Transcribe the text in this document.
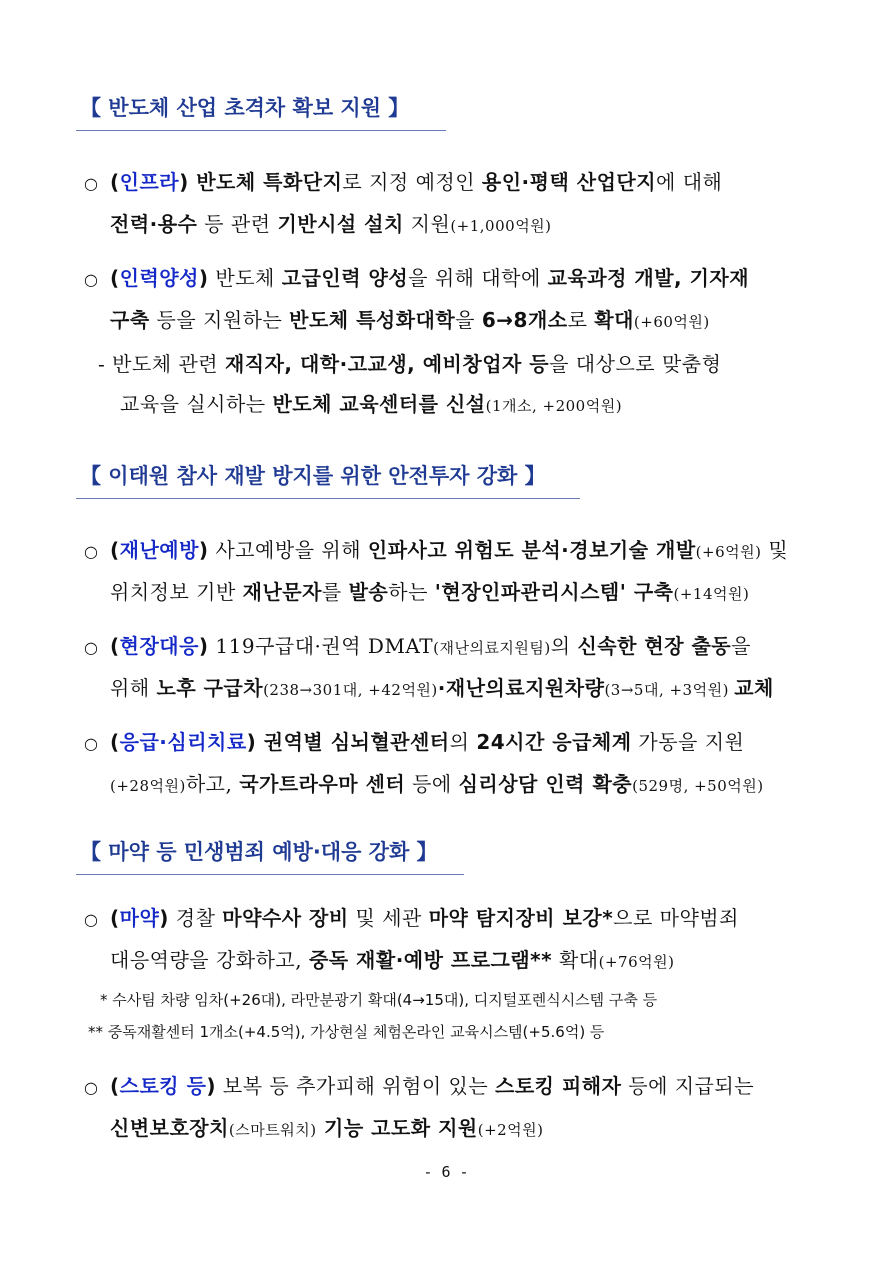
【 반도체 산업 초격차 확보 지원 】
○ (인프라) 반도체 특화단지로 지정 예정인 용인·평택 산업단지에 대해
전력·용수 등 관련 기반시설 설치 지원(+1,000억원)
○ (인력양성) 반도체 고급인력 양성을 위해 대학에 교육과정 개발, 기자재
구축 등을 지원하는 반도체 특성화대학을 6→8개소로 확대(+60억원)
- 반도체 관련 재직자, 대학·고교생, 예비창업자 등을 대상으로 맞춤형
교육을 실시하는 반도체 교육센터를 신설(1개소, +200억원)
【 이태원 참사 재발 방지를 위한 안전투자 강화 】
○ (재난예방) 사고예방을 위해 인파사고 위험도 분석·경보기술 개발(+6억원) 및
위치정보 기반 재난문자를 발송하는 '현장인파관리시스템' 구축(+14억원)
○ (현장대응) 119구급대·권역 DMAT(재난의료지원팀)의 신속한 현장 출동을
위해 노후 구급차(238→301대, +42억원)·재난의료지원차량(3→5대, +3억원) 교체
○ (응급·심리치료) 권역별 심뇌혈관센터의 24시간 응급체계 가동을 지원
(+28억원)하고, 국가트라우마 센터 등에 심리상담 인력 확충(529명, +50억원)
【 마약 등 민생범죄 예방·대응 강화 】
○ (마약) 경찰 마약수사 장비 및 세관 마약 탐지장비 보강*으로 마약범죄
대응역량을 강화하고, 중독 재활·예방 프로그램** 확대(+76억원)
* 수사팀 차량 임차(+26대), 라만분광기 확대(4→15대), 디지털포렌식시스템 구축 등
** 중독재활센터 1개소(+4.5억), 가상현실 체험온라인 교육시스템(+5.6억) 등
○ (스토킹 등) 보복 등 추가피해 위험이 있는 스토킹 피해자 등에 지급되는
신변보호장치(스마트워치) 기능 고도화 지원(+2억원)
- 6 -
